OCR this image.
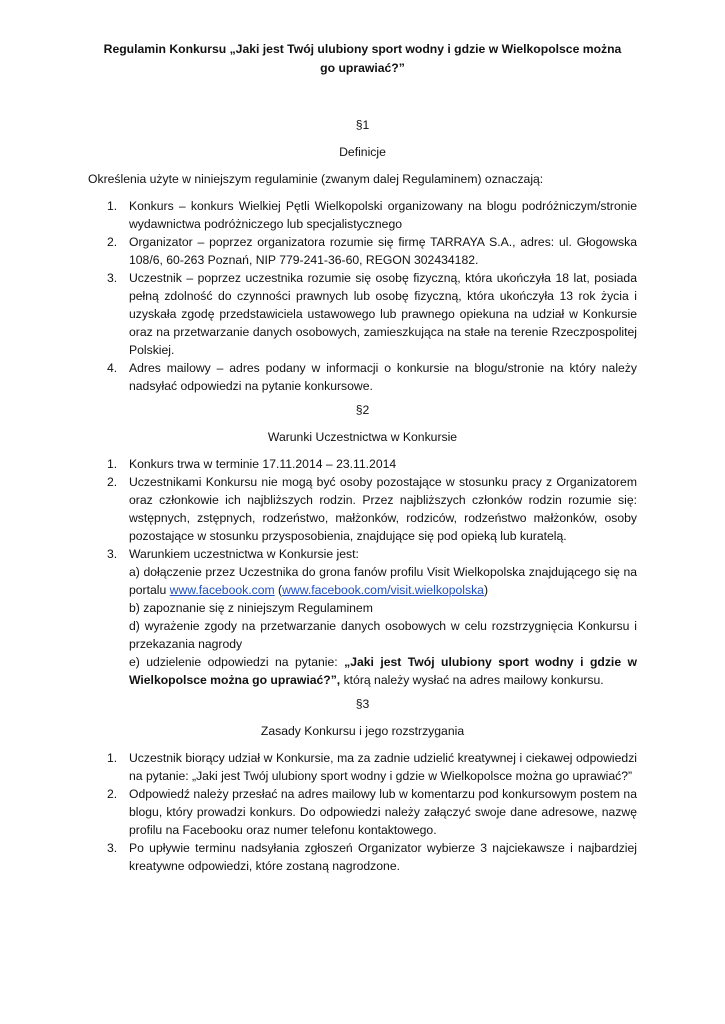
Regulamin Konkursu „Jaki jest Twój ulubiony sport wodny i gdzie w Wielkopolsce można go uprawiać?”
§1
Definicje
Określenia użyte w niniejszym regulaminie (zwanym dalej Regulaminem) oznaczają:
1. Konkurs – konkurs Wielkiej Pętli Wielkopolski organizowany na blogu podróżniczym/stronie wydawnictwa podróżniczego lub specjalistycznego
2. Organizator – poprzez organizatora rozumie się firmę TARRAYA S.A., adres: ul. Głogowska 108/6, 60-263 Poznań, NIP 779-241-36-60, REGON 302434182.
3. Uczestnik – poprzez uczestnika rozumie się osobę fizyczną, która ukończyła 18 lat, posiada pełną zdolność do czynności prawnych lub osobę fizyczną, która ukończyła 13 rok życia i uzyskała zgodę przedstawiciela ustawowego lub prawnego opiekuna na udział w Konkursie oraz na przetwarzanie danych osobowych, zamieszkująca na stałe na terenie Rzeczpospolitej Polskiej.
4. Adres mailowy – adres podany w informacji o konkursie na blogu/stronie na który należy nadsyłać odpowiedzi na pytanie konkursowe.
§2
Warunki Uczestnictwa w Konkursie
1. Konkurs trwa w terminie 17.11.2014 – 23.11.2014
2. Uczestnikami Konkursu nie mogą być osoby pozostające w stosunku pracy z Organizatorem oraz członkowie ich najbliższych rodzin. Przez najbliższych członków rodzin rozumie się: wstępnych, zstępnych, rodzeństwo, małżonków, rodziców, rodzeństwo małżonków, osoby pozostające w stosunku przysposobienia, znajdujące się pod opieką lub kuratelą.
3. Warunkiem uczestnictwa w Konkursie jest:
a) dołączenie przez Uczestnika do grona fanów profilu Visit Wielkopolska znajdującego się na portalu www.facebook.com (www.facebook.com/visit.wielkopolska)
b) zapoznanie się z niniejszym Regulaminem
d) wyrażenie zgody na przetwarzanie danych osobowych w celu rozstrzygnięcia Konkursu i przekazania nagrody
e) udzielenie odpowiedzi na pytanie: „Jaki jest Twój ulubiony sport wodny i gdzie w Wielkopolsce można go uprawiać?”, którą należy wysłać na adres mailowy konkursu.
§3
Zasady Konkursu i jego rozstrzygania
1. Uczestnik biorący udział w Konkursie, ma za zadnie udzielić kreatywnej i ciekawej odpowiedzi na pytanie: „Jaki jest Twój ulubiony sport wodny i gdzie w Wielkopolsce można go uprawiać?”
2. Odpowiedź należy przesłać na adres mailowy lub w komentarzu pod konkursowym postem na blogu, który prowadzi konkurs. Do odpowiedzi należy załączyć swoje dane adresowe, nazwę profilu na Facebooku oraz numer telefonu kontaktowego.
3. Po upływie terminu nadsyłania zgłoszeń Organizator wybierze 3 najciekawsze i najbardziej kreatywne odpowiedzi, które zostaną nagrodzone.
